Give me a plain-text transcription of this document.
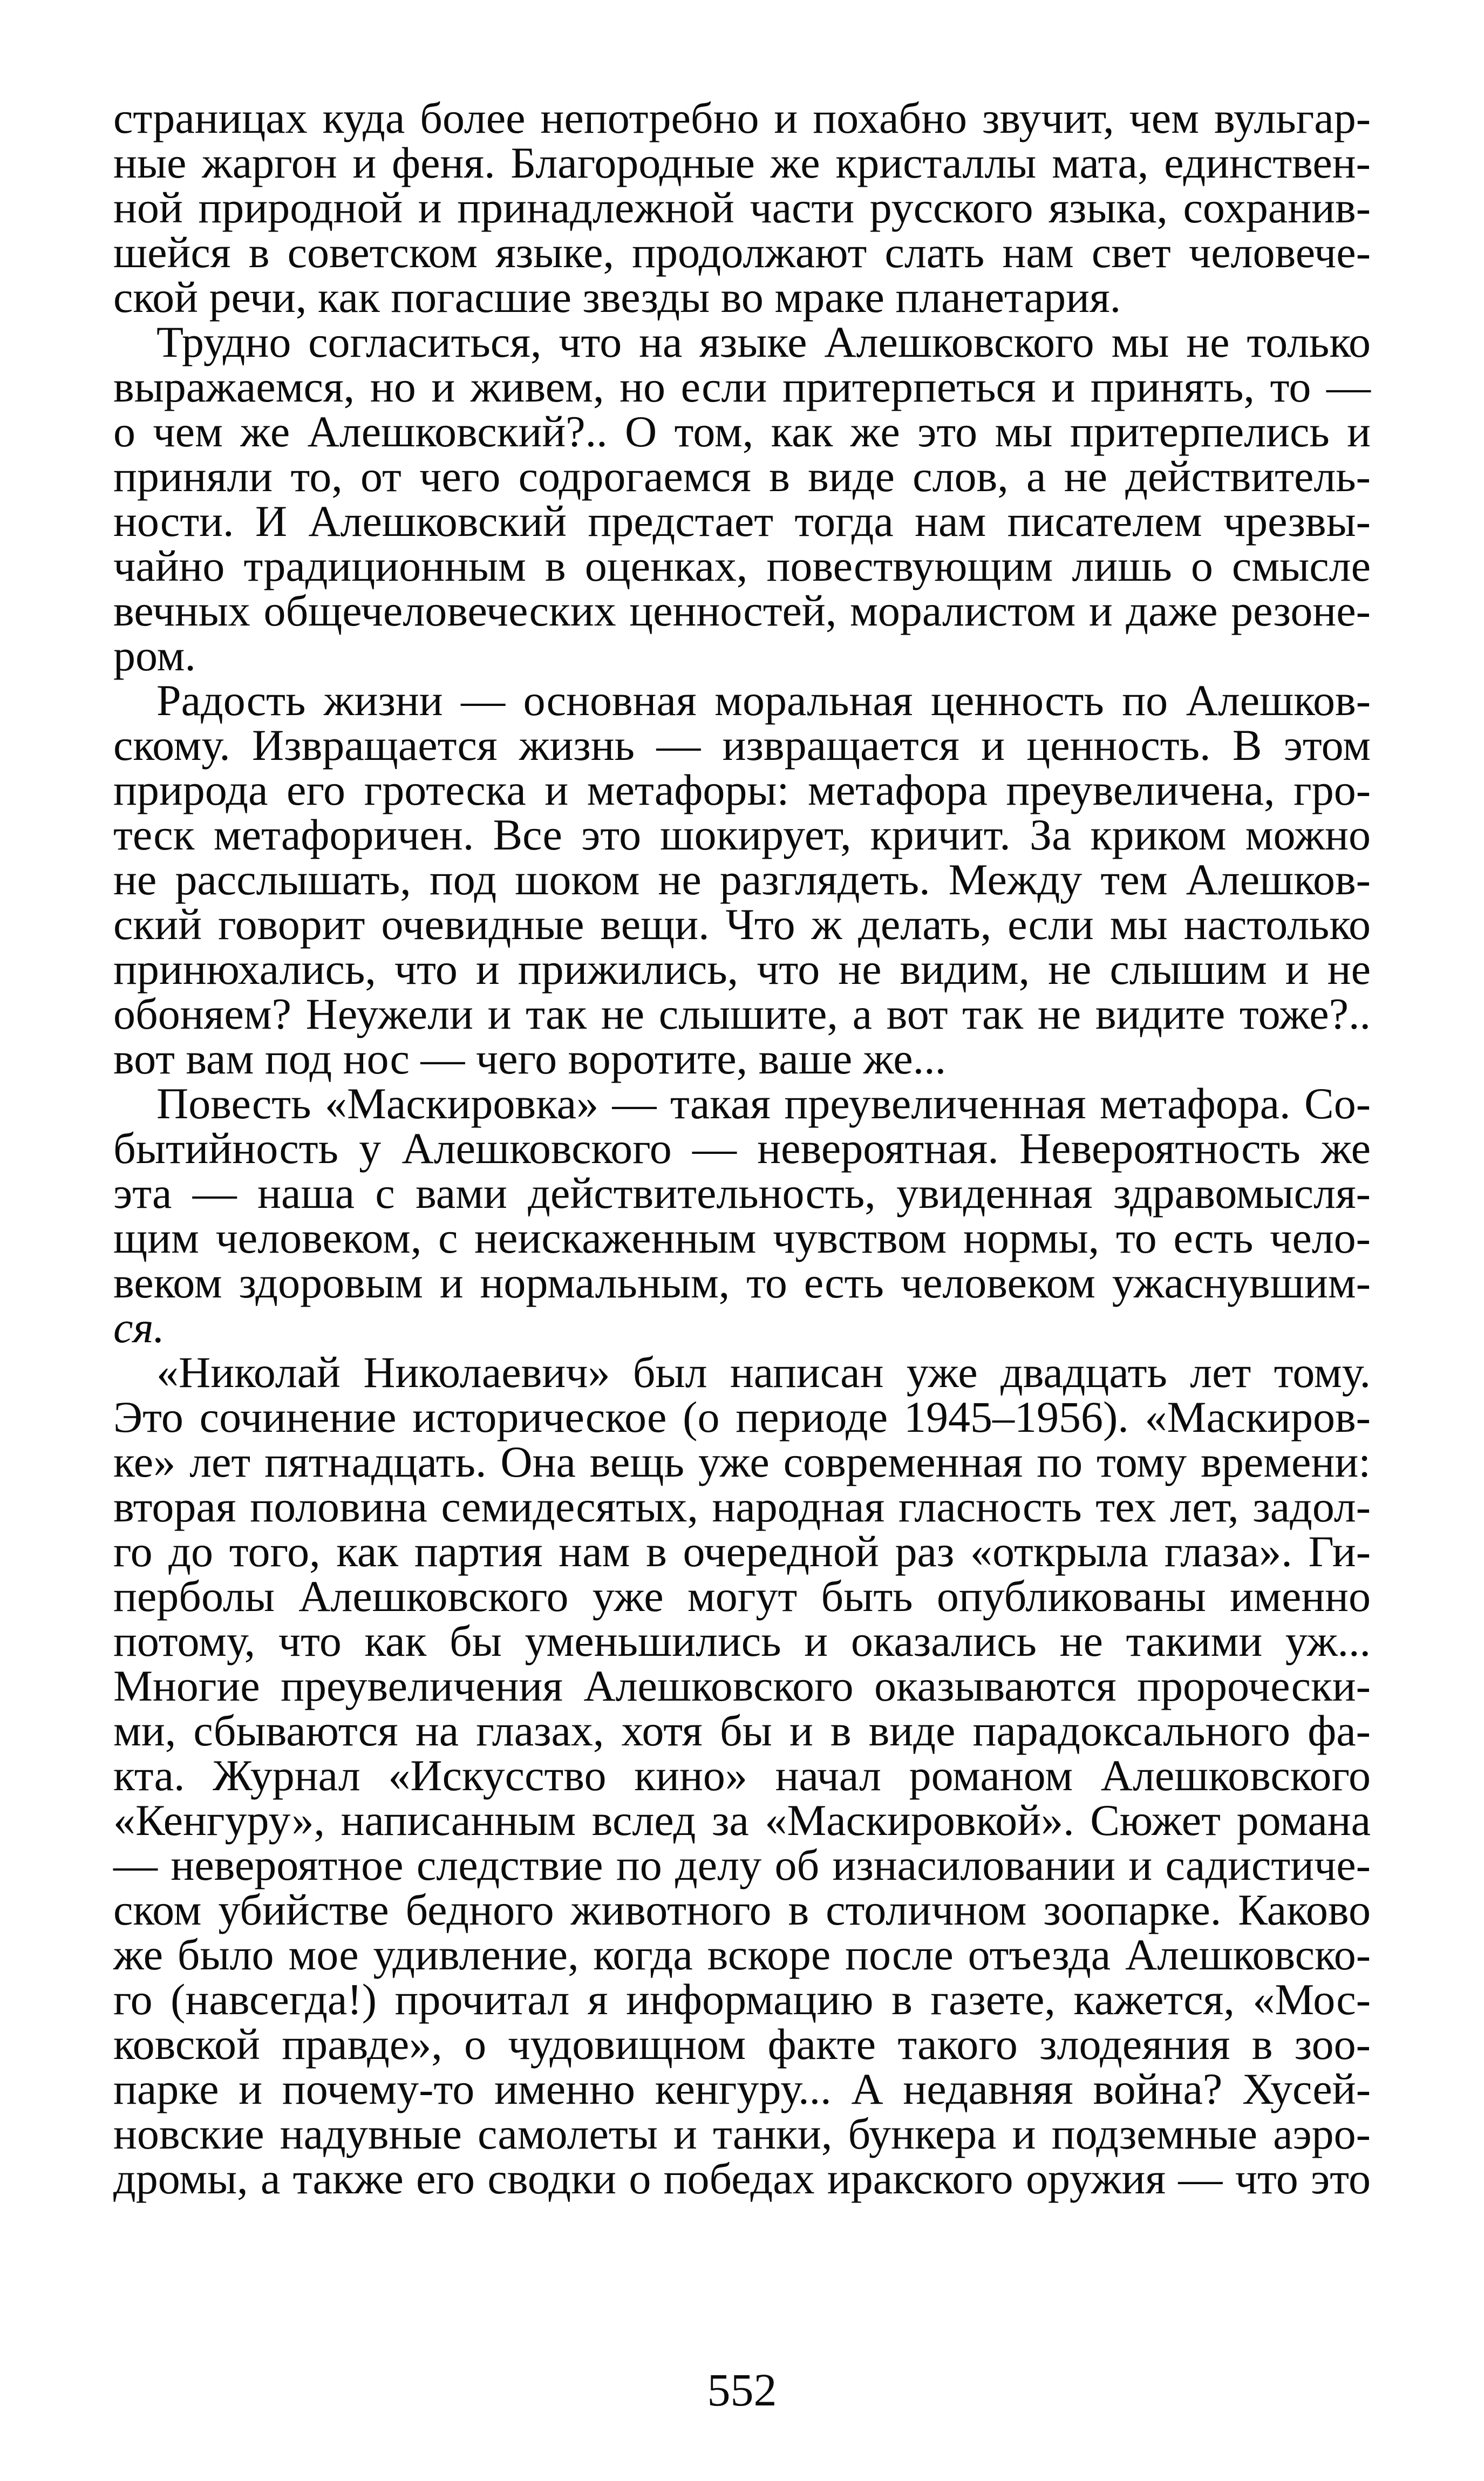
страницах куда более непотребно и похабно звучит, чем вульгар-
ные жаргон и феня. Благородные же кристаллы мата, единствен-
ной природной и принадлежной части русского языка, сохранив-
шейся в советском языке, продолжают слать нам свет человече-
ской речи, как погасшие звезды во мраке планетария.
Трудно согласиться, что на языке Алешковского мы не только
выражаемся, но и живем, но если притерпеться и принять, то —
о чем же Алешковский?.. О том, как же это мы притерпелись и
приняли то, от чего содрогаемся в виде слов, а не действитель-
ности. И Алешковский предстает тогда нам писателем чрезвы-
чайно традиционным в оценках, повествующим лишь о смысле
вечных общечеловеческих ценностей, моралистом и даже резоне-
ром.
Радость жизни — основная моральная ценность по Алешков-
скому. Извращается жизнь — извращается и ценность. В этом
природа его гротеска и метафоры: метафора преувеличена, гро-
теск метафоричен. Все это шокирует, кричит. За криком можно
не расслышать, под шоком не разглядеть. Между тем Алешков-
ский говорит очевидные вещи. Что ж делать, если мы настолько
принюхались, что и прижились, что не видим, не слышим и не
обоняем? Неужели и так не слышите, а вот так не видите тоже?..
вот вам под нос — чего воротите, ваше же...
Повесть «Маскировка» — такая преувеличенная метафора. Со-
бытийность у Алешковского — невероятная. Невероятность же
эта — наша с вами действительность, увиденная здравомысля-
щим человеком, с неискаженным чувством нормы, то есть чело-
веком здоровым и нормальным, то есть человеком ужаснувшим-
ся.
«Николай Николаевич» был написан уже двадцать лет тому.
Это сочинение историческое (о периоде 1945–1956). «Маскиров-
ке» лет пятнадцать. Она вещь уже современная по тому времени:
вторая половина семидесятых, народная гласность тех лет, задол-
го до того, как партия нам в очередной раз «открыла глаза». Ги-
перболы Алешковского уже могут быть опубликованы именно
потому, что как бы уменьшились и оказались не такими уж...
Многие преувеличения Алешковского оказываются пророчески-
ми, сбываются на глазах, хотя бы и в виде парадоксального фа-
кта. Журнал «Искусство кино» начал романом Алешковского
«Кенгуру», написанным вслед за «Маскировкой». Сюжет романа
— невероятное следствие по делу об изнасиловании и садистиче-
ском убийстве бедного животного в столичном зоопарке. Каково
же было мое удивление, когда вскоре после отъезда Алешковско-
го (навсегда!) прочитал я информацию в газете, кажется, «Мос-
ковской правде», о чудовищном факте такого злодеяния в зоо-
парке и почему-то именно кенгуру... А недавняя война? Хусей-
новские надувные самолеты и танки, бункера и подземные аэро-
дромы, а также его сводки о победах иракского оружия — что это
552
